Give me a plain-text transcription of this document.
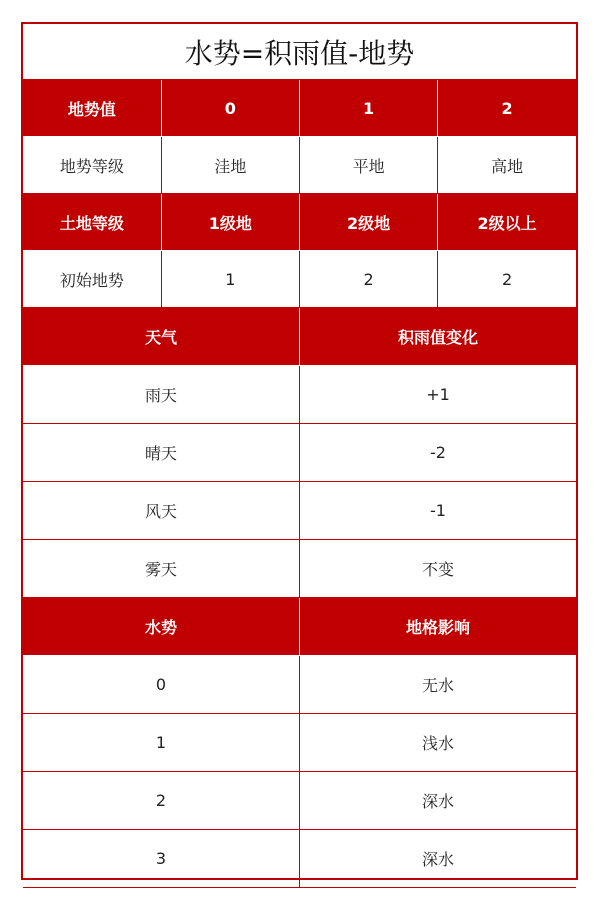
水势=积雨值-地势
地势值	0	1	2
地势等级	洼地	平地	高地
土地等级	1级地	2级地	2级以上
初始地势	1	2	2
天气	积雨值变化
雨天	+1
晴天	-2
风天	-1
雾天	不变
水势	地格影响
0	无水
1	浅水
2	深水
3	深水
